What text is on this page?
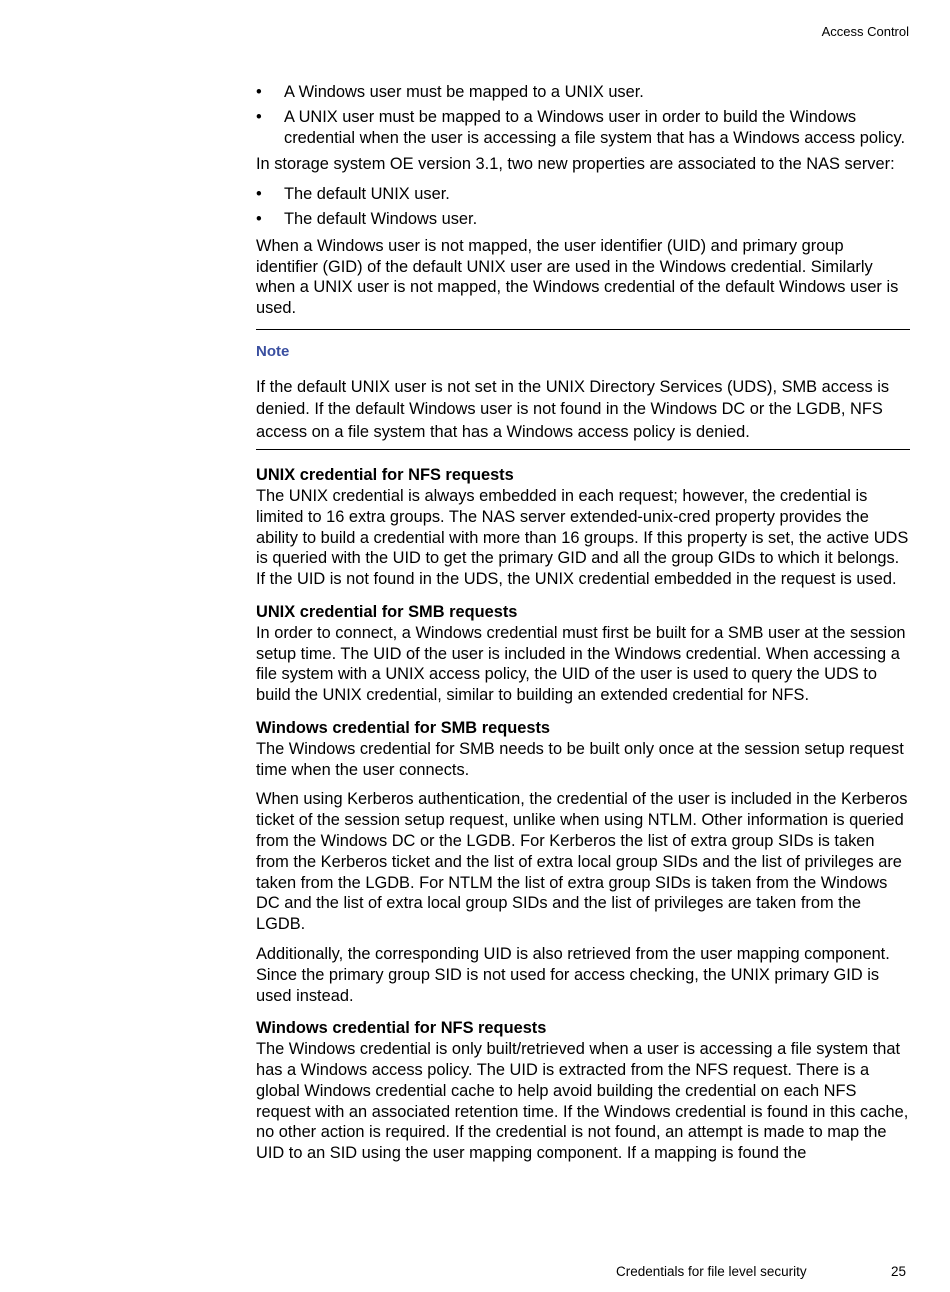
Access Control
•	A Windows user must be mapped to a UNIX user.
•	A UNIX user must be mapped to a Windows user in order to build the Windows credential when the user is accessing a file system that has a Windows access policy.

In storage system OE version 3.1, two new properties are associated to the NAS server:

•	The default UNIX user.
•	The default Windows user.

When a Windows user is not mapped, the user identifier (UID) and primary group identifier (GID) of the default UNIX user are used in the Windows credential. Similarly when a UNIX user is not mapped, the Windows credential of the default Windows user is used.

Note

If the default UNIX user is not set in the UNIX Directory Services (UDS), SMB access is denied. If the default Windows user is not found in the Windows DC or the LGDB, NFS access on a file system that has a Windows access policy is denied.

UNIX credential for NFS requests

The UNIX credential is always embedded in each request; however, the credential is limited to 16 extra groups. The NAS server extended-unix-cred property provides the ability to build a credential with more than 16 groups. If this property is set, the active UDS is queried with the UID to get the primary GID and all the group GIDs to which it belongs. If the UID is not found in the UDS, the UNIX credential embedded in the request is used.

UNIX credential for SMB requests

In order to connect, a Windows credential must first be built for a SMB user at the session setup time. The UID of the user is included in the Windows credential. When accessing a file system with a UNIX access policy, the UID of the user is used to query the UDS to build the UNIX credential, similar to building an extended credential for NFS.

Windows credential for SMB requests

The Windows credential for SMB needs to be built only once at the session setup request time when the user connects.

When using Kerberos authentication, the credential of the user is included in the Kerberos ticket of the session setup request, unlike when using NTLM. Other information is queried from the Windows DC or the LGDB. For Kerberos the list of extra group SIDs is taken from the Kerberos ticket and the list of extra local group SIDs and the list of privileges are taken from the LGDB. For NTLM the list of extra group SIDs is taken from the Windows DC and the list of extra local group SIDs and the list of privileges are taken from the LGDB.

Additionally, the corresponding UID is also retrieved from the user mapping component. Since the primary group SID is not used for access checking, the UNIX primary GID is used instead.

Windows credential for NFS requests

The Windows credential is only built/retrieved when a user is accessing a file system that has a Windows access policy. The UID is extracted from the NFS request. There is a global Windows credential cache to help avoid building the credential on each NFS request with an associated retention time. If the Windows credential is found in this cache, no other action is required. If the credential is not found, an attempt is made to map the UID to an SID using the user mapping component. If a mapping is found the

Credentials for file level security	25
